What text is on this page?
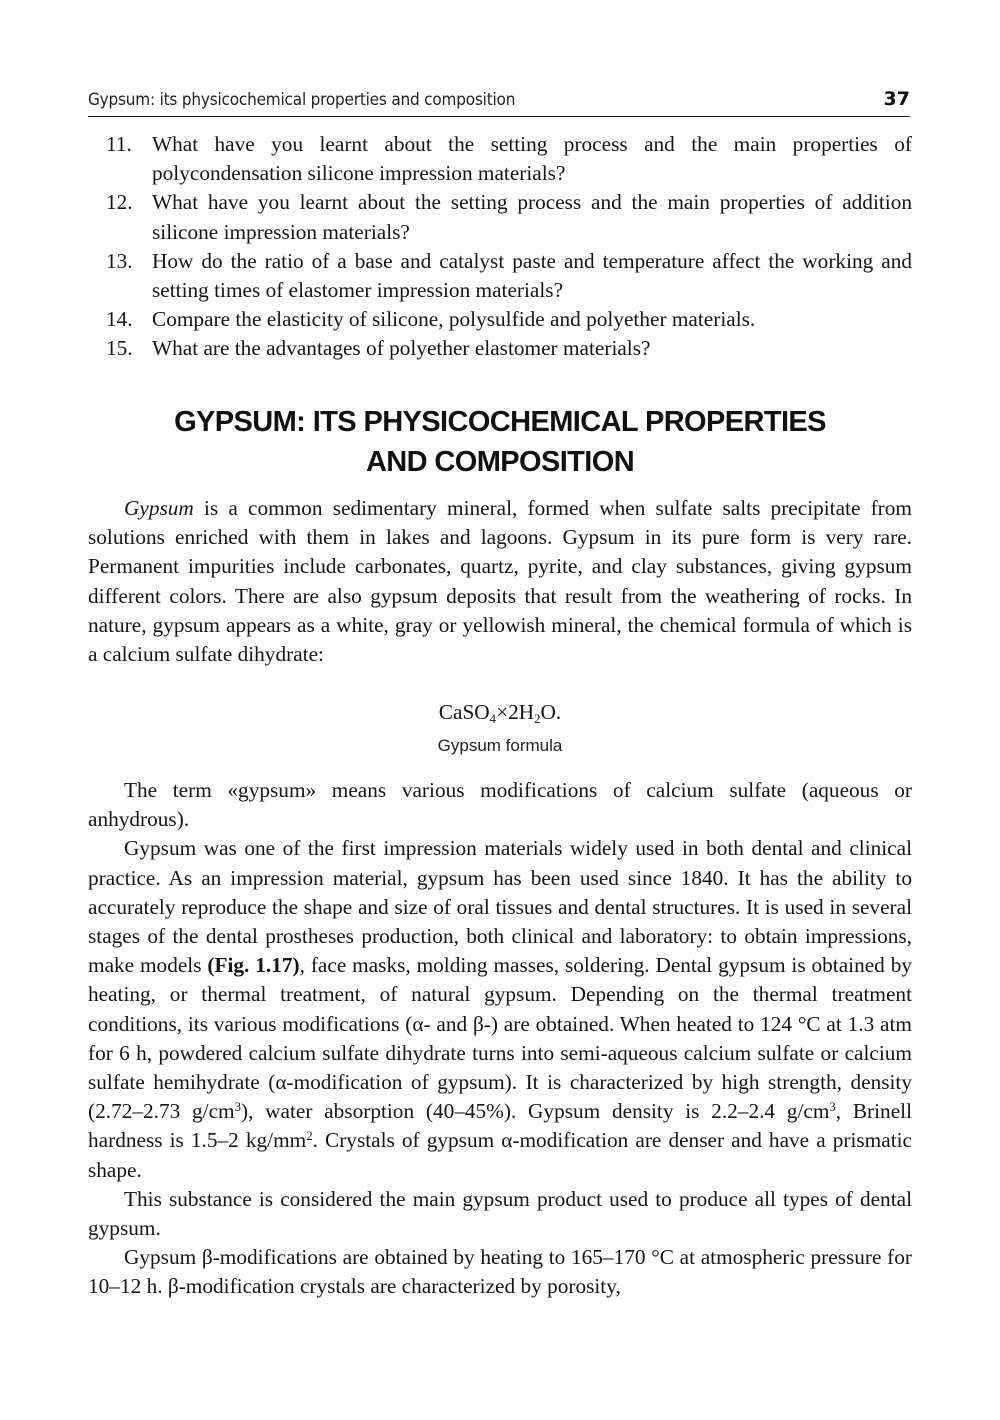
Gypsum: its physicochemical properties and composition	37
11. What have you learnt about the setting process and the main properties of polycondensation silicone impression materials?
12. What have you learnt about the setting process and the main properties of addition silicone impression materials?
13. How do the ratio of a base and catalyst paste and temperature affect the working and setting times of elastomer impression materials?
14. Compare the elasticity of silicone, polysulfide and polyether materials.
15. What are the advantages of polyether elastomer materials?
GYPSUM: ITS PHYSICOCHEMICAL PROPERTIES
AND COMPOSITION

Gypsum is a common sedimentary mineral, formed when sulfate salts precipitate from solutions enriched with them in lakes and lagoons. Gypsum in its pure form is very rare. Permanent impurities include carbonates, quartz, pyrite, and clay substances, giving gypsum different colors. There are also gypsum deposits that result from the weathering of rocks. In nature, gypsum appears as a white, gray or yellowish mineral, the chemical formula of which is a calcium sulfate dihydrate:

$CaSO_4\times 2H_2O$.
Gypsum formula

The term «gypsum» means various modifications of calcium sulfate (aqueous or anhydrous).

Gypsum was one of the first impression materials widely used in both dental and clinical practice. As an impression material, gypsum has been used since 1840. It has the ability to accurately reproduce the shape and size of oral tissues and dental structures. It is used in several stages of the dental prostheses production, both clinical and laboratory: to obtain impressions, make models (Fig. 1.17), face masks, molding masses, soldering. Dental gypsum is obtained by heating, or thermal treatment, of natural gypsum. Depending on the thermal treatment conditions, its various modifications (α- and β-) are obtained. When heated to 124 °C at 1.3 atm for 6 h, powdered calcium sulfate dihydrate turns into semi-aqueous calcium sulfate or calcium sulfate hemihydrate (α-modification of gypsum). It is characterized by high strength, density (2.72–2.73 $g/cm^3$), water absorption (40–45%). Gypsum density is 2.2–2.4 $g/cm^3$, Brinell hardness is 1.5–2 $kg/mm^2$. Crystals of gypsum α-modification are denser and have a prismatic shape.

This substance is considered the main gypsum product used to produce all types of dental gypsum.

Gypsum β-modifications are obtained by heating to 165–170 °C at atmospheric pressure for 10–12 h. β-modification crystals are characterized by porosity,
